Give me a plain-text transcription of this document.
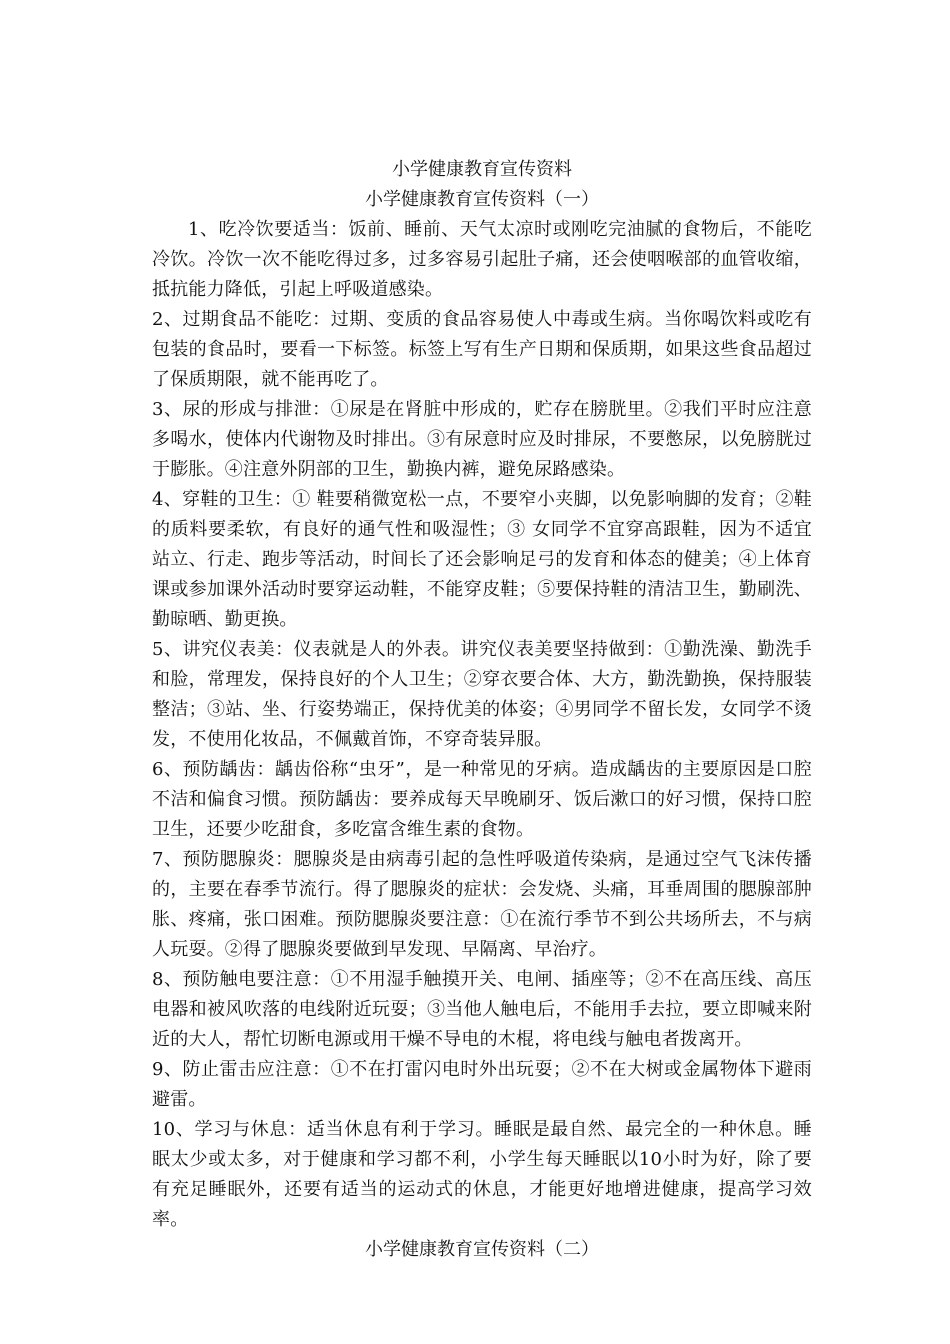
小学健康教育宣传资料
小学健康教育宣传资料（一）

1、吃冷饮要适当：饭前、睡前、天气太凉时或刚吃完油腻的食物后，不能吃冷饮。冷饮一次不能吃得过多，过多容易引起肚子痛，还会使咽喉部的血管收缩，抵抗能力降低，引起上呼吸道感染。

2、过期食品不能吃：过期、变质的食品容易使人中毒或生病。当你喝饮料或吃有包装的食品时，要看一下标签。标签上写有生产日期和保质期，如果这些食品超过了保质期限，就不能再吃了。

3、尿的形成与排泄：①尿是在肾脏中形成的，贮存在膀胱里。②我们平时应注意多喝水，使体内代谢物及时排出。③有尿意时应及时排尿，不要憋尿，以免膀胱过于膨胀。④注意外阴部的卫生，勤换内裤，避免尿路感染。

4、穿鞋的卫生：① 鞋要稍微宽松一点，不要窄小夹脚，以免影响脚的发育；②鞋的质料要柔软，有良好的通气性和吸湿性；③ 女同学不宜穿高跟鞋，因为不适宜站立、行走、跑步等活动，时间长了还会影响足弓的发育和体态的健美；④上体育课或参加课外活动时要穿运动鞋，不能穿皮鞋；⑤要保持鞋的清洁卫生，勤刷洗、勤晾晒、勤更换。

5、讲究仪表美：仪表就是人的外表。讲究仪表美要坚持做到：①勤洗澡、勤洗手和脸，常理发，保持良好的个人卫生；②穿衣要合体、大方，勤洗勤换，保持服装整洁；③站、坐、行姿势端正，保持优美的体姿；④男同学不留长发，女同学不烫发，不使用化妆品，不佩戴首饰，不穿奇装异服。

6、预防龋齿：龋齿俗称“虫牙”，是一种常见的牙病。造成龋齿的主要原因是口腔不洁和偏食习惯。预防龋齿：要养成每天早晚刷牙、饭后漱口的好习惯，保持口腔卫生，还要少吃甜食，多吃富含维生素的食物。

7、预防腮腺炎：腮腺炎是由病毒引起的急性呼吸道传染病，是通过空气飞沫传播的，主要在春季节流行。得了腮腺炎的症状：会发烧、头痛，耳垂周围的腮腺部肿胀、疼痛，张口困难。预防腮腺炎要注意：①在流行季节不到公共场所去，不与病人玩耍。②得了腮腺炎要做到早发现、早隔离、早治疗。

8、预防触电要注意：①不用湿手触摸开关、电闸、插座等；②不在高压线、高压电器和被风吹落的电线附近玩耍；③当他人触电后，不能用手去拉，要立即喊来附近的大人，帮忙切断电源或用干燥不导电的木棍，将电线与触电者拨离开。

9、防止雷击应注意：①不在打雷闪电时外出玩耍；②不在大树或金属物体下避雨避雷。

10、学习与休息：适当休息有利于学习。睡眠是最自然、最完全的一种休息。睡眠太少或太多，对于健康和学习都不利，小学生每天睡眠以10小时为好，除了要有充足睡眠外，还要有适当的运动式的休息，才能更好地增进健康，提高学习效率。

小学健康教育宣传资料（二）
